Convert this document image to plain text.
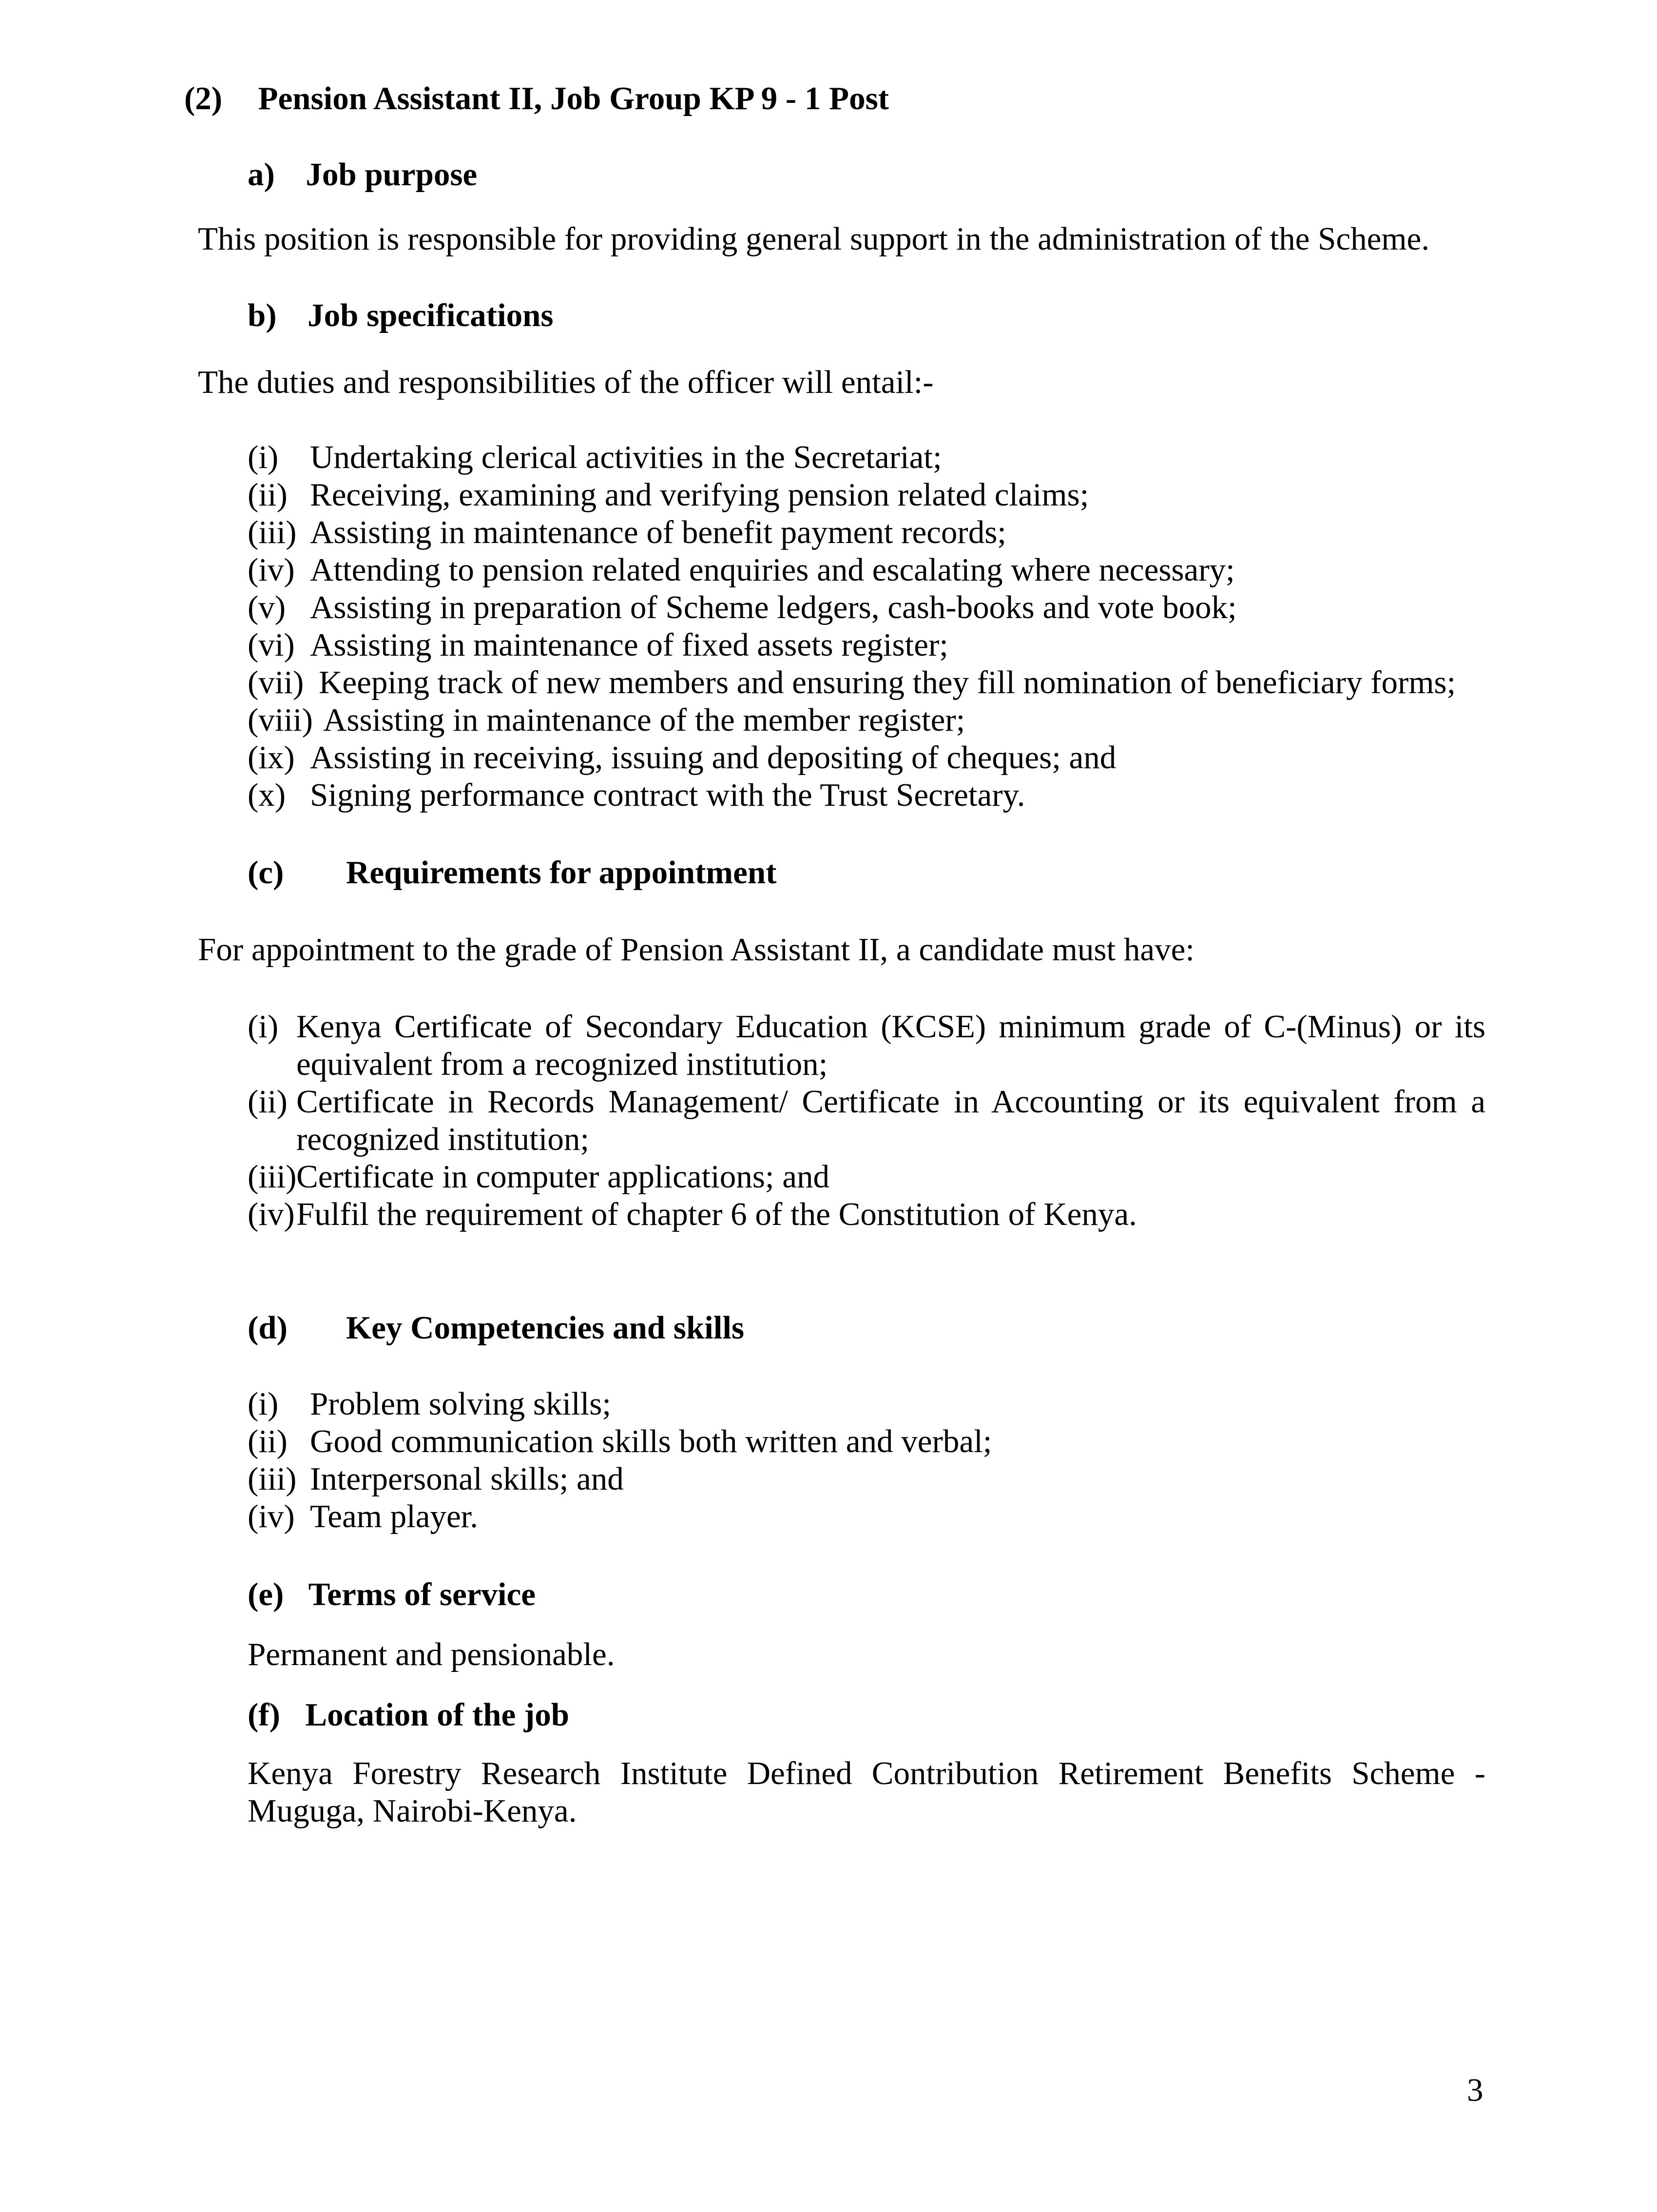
(2) Pension Assistant II, Job Group KP 9 - 1 Post
a) Job purpose
This position is responsible for providing general support in the administration of the Scheme.
b) Job specifications
The duties and responsibilities of the officer will entail:-
(i) Undertaking clerical activities in the Secretariat;
(ii) Receiving, examining and verifying pension related claims;
(iii) Assisting in maintenance of benefit payment records;
(iv) Attending to pension related enquiries and escalating where necessary;
(v) Assisting in preparation of Scheme ledgers, cash-books and vote book;
(vi) Assisting in maintenance of fixed assets register;
(vii) Keeping track of new members and ensuring they fill nomination of beneficiary forms;
(viii) Assisting in maintenance of the member register;
(ix) Assisting in receiving, issuing and depositing of cheques; and
(x) Signing performance contract with the Trust Secretary.
(c) Requirements for appointment
For appointment to the grade of Pension Assistant II, a candidate must have:
(i) Kenya Certificate of Secondary Education (KCSE) minimum grade of C-(Minus) or its
equivalent from a recognized institution;
(ii) Certificate in Records Management/ Certificate in Accounting or its equivalent from a
recognized institution;
(iii) Certificate in computer applications; and
(iv) Fulfil the requirement of chapter 6 of the Constitution of Kenya.
(d) Key Competencies and skills
(i) Problem solving skills;
(ii) Good communication skills both written and verbal;
(iii) Interpersonal skills; and
(iv) Team player.
(e) Terms of service
Permanent and pensionable.
(f) Location of the job
Kenya Forestry Research Institute Defined Contribution Retirement Benefits Scheme -
Muguga, Nairobi-Kenya.
3
